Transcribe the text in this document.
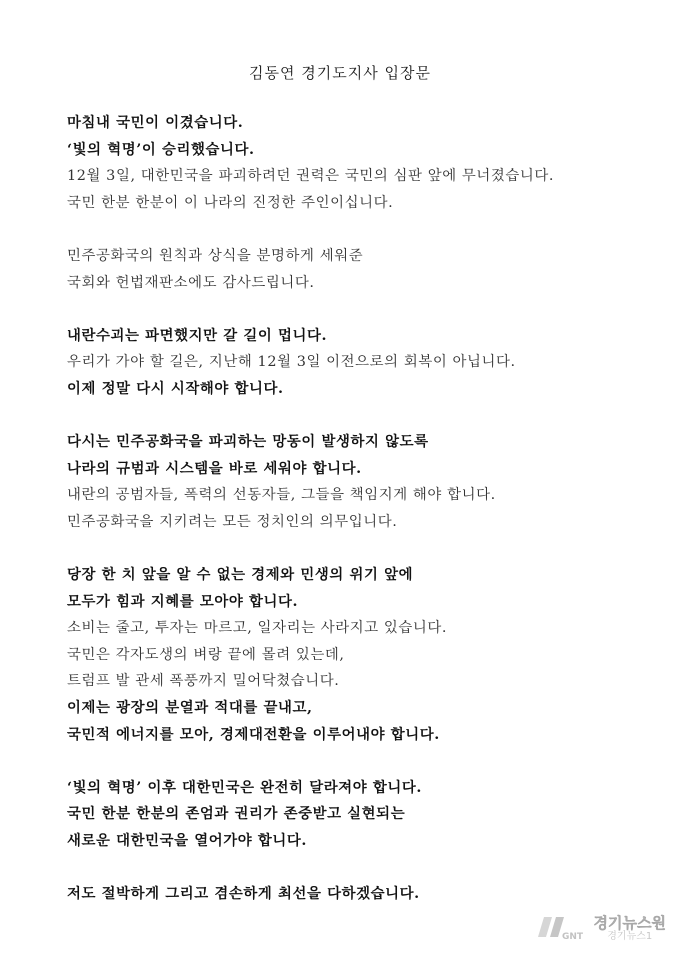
김동연 경기도지사 입장문
마침내 국민이 이겼습니다.
‘빛의 혁명’이 승리했습니다.
12월 3일, 대한민국을 파괴하려던 권력은 국민의 심판 앞에 무너졌습니다.
국민 한분 한분이 이 나라의 진정한 주인이십니다.
민주공화국의 원칙과 상식을 분명하게 세워준
국회와 헌법재판소에도 감사드립니다.
내란수괴는 파면했지만 갈 길이 멉니다.
우리가 가야 할 길은, 지난해 12월 3일 이전으로의 회복이 아닙니다.
이제 정말 다시 시작해야 합니다.
다시는 민주공화국을 파괴하는 망동이 발생하지 않도록
나라의 규범과 시스템을 바로 세워야 합니다.
내란의 공범자들, 폭력의 선동자들, 그들을 책임지게 해야 합니다.
민주공화국을 지키려는 모든 정치인의 의무입니다.
당장 한 치 앞을 알 수 없는 경제와 민생의 위기 앞에
모두가 힘과 지혜를 모아야 합니다.
소비는 줄고, 투자는 마르고, 일자리는 사라지고 있습니다.
국민은 각자도생의 벼랑 끝에 몰려 있는데,
트럼프 발 관세 폭풍까지 밀어닥쳤습니다.
이제는 광장의 분열과 적대를 끝내고,
국민적 에너지를 모아, 경제대전환을 이루어내야 합니다.
‘빛의 혁명’ 이후 대한민국은 완전히 달라져야 합니다.
국민 한분 한분의 존엄과 권리가 존중받고 실현되는
새로운 대한민국을 열어가야 합니다.
저도 절박하게 그리고 겸손하게 최선을 다하겠습니다.
GNT
경기뉴스원
경기뉴스1
